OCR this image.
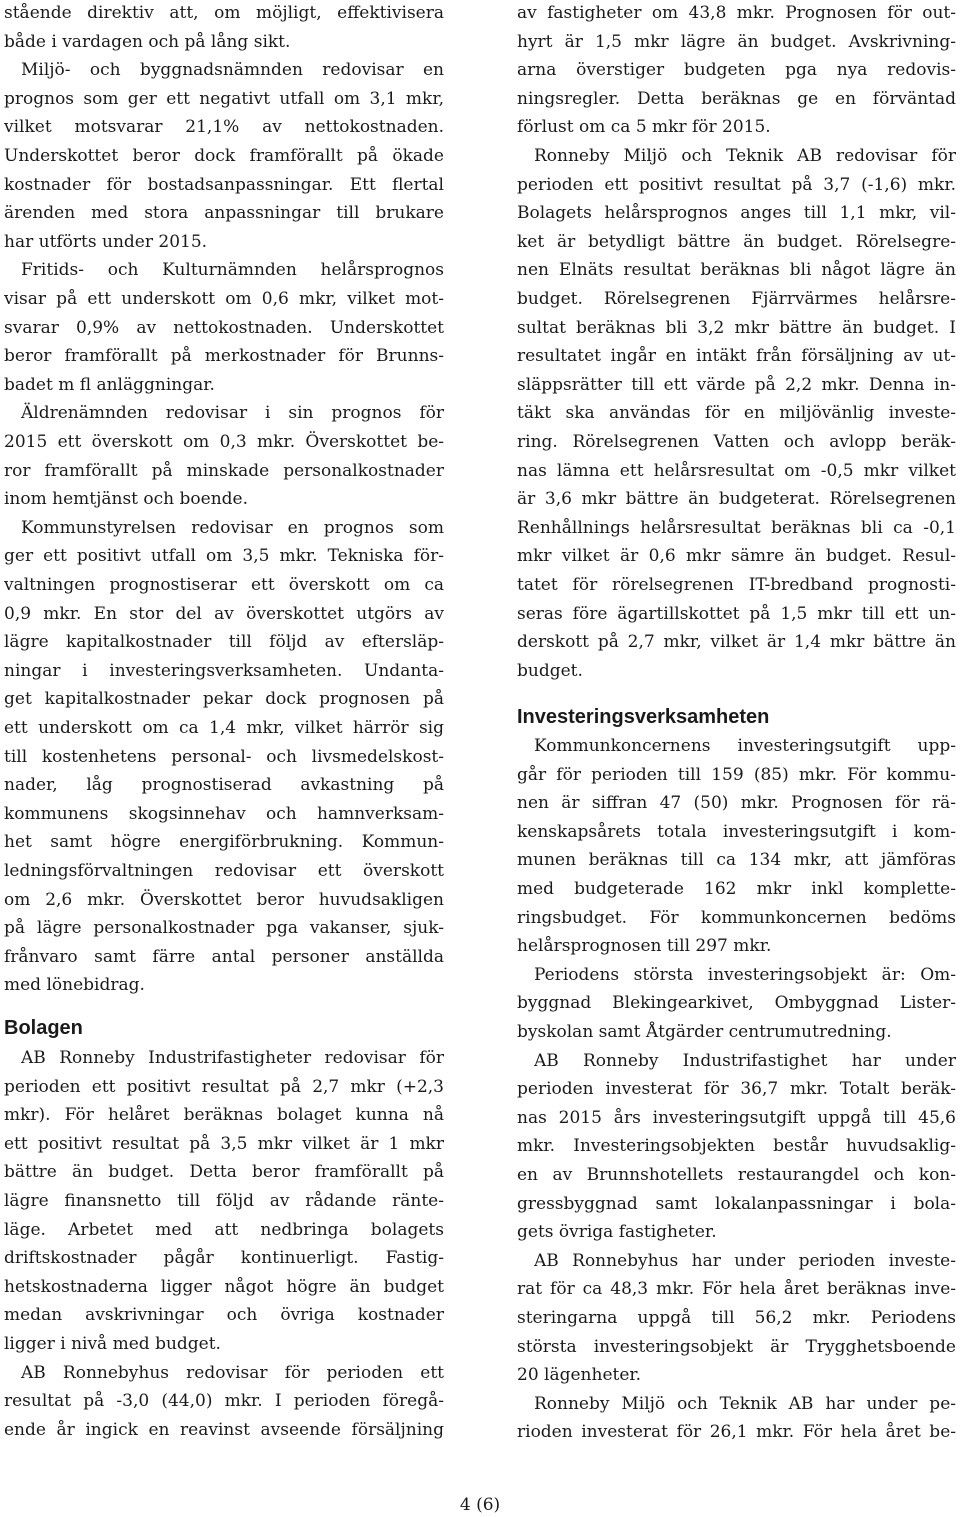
stående direktiv att, om möjligt, effektivisera
både i vardagen och på lång sikt.
Miljö- och byggnadsnämnden redovisar en
prognos som ger ett negativt utfall om 3,1 mkr,
vilket motsvarar 21,1% av nettokostnaden.
Underskottet beror dock framförallt på ökade
kostnader för bostadsanpassningar. Ett flertal
ärenden med stora anpassningar till brukare
har utförts under 2015.
Fritids- och Kulturnämnden helårsprognos
visar på ett underskott om 0,6 mkr, vilket mot-
svarar 0,9% av nettokostnaden. Underskottet
beror framförallt på merkostnader för Brunns-
badet m fl anläggningar.
Äldrenämnden redovisar i sin prognos för
2015 ett överskott om 0,3 mkr. Överskottet be-
ror framförallt på minskade personalkostnader
inom hemtjänst och boende.
Kommunstyrelsen redovisar en prognos som
ger ett positivt utfall om 3,5 mkr. Tekniska för-
valtningen prognostiserar ett överskott om ca
0,9 mkr. En stor del av överskottet utgörs av
lägre kapitalkostnader till följd av eftersläp-
ningar i investeringsverksamheten. Undanta-
get kapitalkostnader pekar dock prognosen på
ett underskott om ca 1,4 mkr, vilket härrör sig
till kostenhetens personal- och livsmedelskost-
nader, låg prognostiserad avkastning på
kommunens skogsinnehav och hamnverksam-
het samt högre energiförbrukning. Kommun-
ledningsförvaltningen redovisar ett överskott
om 2,6 mkr. Överskottet beror huvudsakligen
på lägre personalkostnader pga vakanser, sjuk-
frånvaro samt färre antal personer anställda
med lönebidrag.
Bolagen
AB Ronneby Industrifastigheter redovisar för
perioden ett positivt resultat på 2,7 mkr (+2,3
mkr). För helåret beräknas bolaget kunna nå
ett positivt resultat på 3,5 mkr vilket är 1 mkr
bättre än budget. Detta beror framförallt på
lägre finansnetto till följd av rådande ränte-
läge. Arbetet med att nedbringa bolagets
driftskostnader pågår kontinuerligt. Fastig-
hetskostnaderna ligger något högre än budget
medan avskrivningar och övriga kostnader
ligger i nivå med budget.
AB Ronnebyhus redovisar för perioden ett
resultat på -3,0 (44,0) mkr. I perioden föregå-
ende år ingick en reavinst avseende försäljning
av fastigheter om 43,8 mkr. Prognosen för out-
hyrt är 1,5 mkr lägre än budget. Avskrivning-
arna överstiger budgeten pga nya redovis-
ningsregler. Detta beräknas ge en förväntad
förlust om ca 5 mkr för 2015.
Ronneby Miljö och Teknik AB redovisar för
perioden ett positivt resultat på 3,7 (-1,6) mkr.
Bolagets helårsprognos anges till 1,1 mkr, vil-
ket är betydligt bättre än budget. Rörelsegre-
nen Elnäts resultat beräknas bli något lägre än
budget. Rörelsegrenen Fjärrvärmes helårsre-
sultat beräknas bli 3,2 mkr bättre än budget. I
resultatet ingår en intäkt från försäljning av ut-
släppsrätter till ett värde på 2,2 mkr. Denna in-
täkt ska användas för en miljövänlig investe-
ring. Rörelsegrenen Vatten och avlopp beräk-
nas lämna ett helårsresultat om -0,5 mkr vilket
är 3,6 mkr bättre än budgeterat. Rörelsegrenen
Renhållnings helårsresultat beräknas bli ca -0,1
mkr vilket är 0,6 mkr sämre än budget. Resul-
tatet för rörelsegrenen IT-bredband prognosti-
seras före ägartillskottet på 1,5 mkr till ett un-
derskott på 2,7 mkr, vilket är 1,4 mkr bättre än
budget.
Investeringsverksamheten
Kommunkoncernens investeringsutgift upp-
går för perioden till 159 (85) mkr. För kommu-
nen är siffran 47 (50) mkr. Prognosen för rä-
kenskapsårets totala investeringsutgift i kom-
munen beräknas till ca 134 mkr, att jämföras
med budgeterade 162 mkr inkl komplette-
ringsbudget. För kommunkoncernen bedöms
helårsprognosen till 297 mkr.
Periodens största investeringsobjekt är: Om-
byggnad Blekingearkivet, Ombyggnad Lister-
byskolan samt Åtgärder centrumutredning.
AB Ronneby Industrifastighet har under
perioden investerat för 36,7 mkr. Totalt beräk-
nas 2015 års investeringsutgift uppgå till 45,6
mkr. Investeringsobjekten består huvudsaklig-
en av Brunnshotellets restaurangdel och kon-
gressbyggnad samt lokalanpassningar i bola-
gets övriga fastigheter.
AB Ronnebyhus har under perioden investe-
rat för ca 48,3 mkr. För hela året beräknas inve-
steringarna uppgå till 56,2 mkr. Periodens
största investeringsobjekt är Trygghetsboende
20 lägenheter.
Ronneby Miljö och Teknik AB har under pe-
rioden investerat för 26,1 mkr. För hela året be-
4 (6)
